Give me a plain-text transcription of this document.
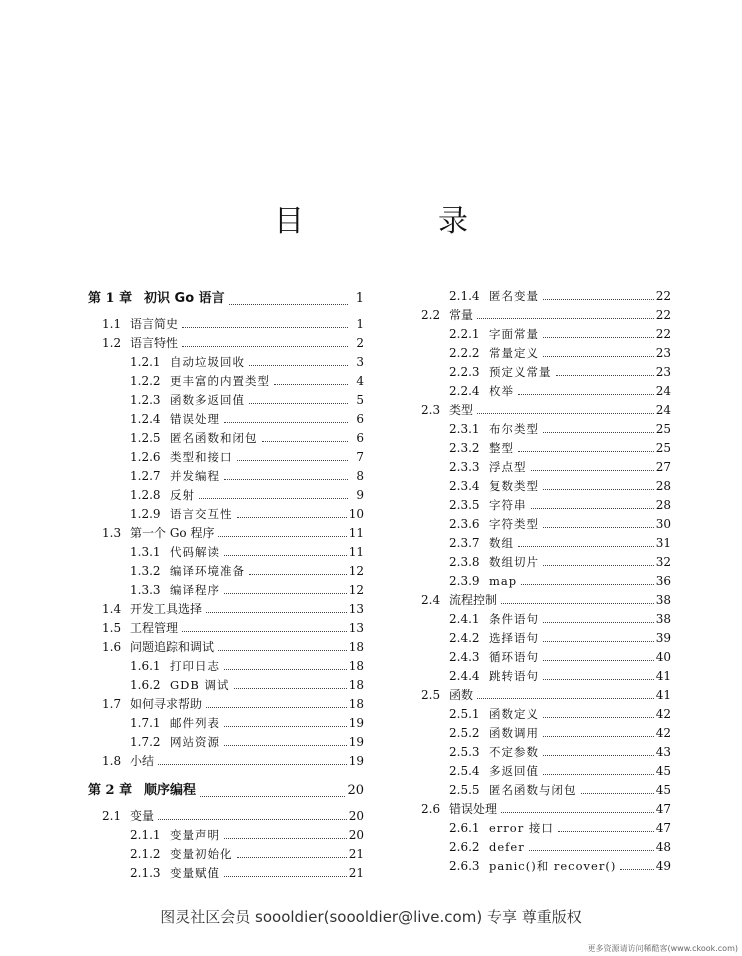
目　录
第 1 章 初识 Go 语言	1
1.1 语言简史	1
1.2 语言特性	2
1.2.1 自动垃圾回收	3
1.2.2 更丰富的内置类型	4
1.2.3 函数多返回值	5
1.2.4 错误处理	6
1.2.5 匿名函数和闭包	6
1.2.6 类型和接口	7
1.2.7 并发编程	8
1.2.8 反射	9
1.2.9 语言交互性	10
1.3 第一个 Go 程序	11
1.3.1 代码解读	11
1.3.2 编译环境准备	12
1.3.3 编译程序	12
1.4 开发工具选择	13
1.5 工程管理	13
1.6 问题追踪和调试	18
1.6.1 打印日志	18
1.6.2 GDB 调试	18
1.7 如何寻求帮助	18
1.7.1 邮件列表	19
1.7.2 网站资源	19
1.8 小结	19
第 2 章 顺序编程	20
2.1 变量	20
2.1.1 变量声明	20
2.1.2 变量初始化	21
2.1.3 变量赋值	21
2.1.4 匿名变量	22
2.2 常量	22
2.2.1 字面常量	22
2.2.2 常量定义	23
2.2.3 预定义常量	23
2.2.4 枚举	24
2.3 类型	24
2.3.1 布尔类型	25
2.3.2 整型	25
2.3.3 浮点型	27
2.3.4 复数类型	28
2.3.5 字符串	28
2.3.6 字符类型	30
2.3.7 数组	31
2.3.8 数组切片	32
2.3.9 map	36
2.4 流程控制	38
2.4.1 条件语句	38
2.4.2 选择语句	39
2.4.3 循环语句	40
2.4.4 跳转语句	41
2.5 函数	41
2.5.1 函数定义	42
2.5.2 函数调用	42
2.5.3 不定参数	43
2.5.4 多返回值	45
2.5.5 匿名函数与闭包	45
2.6 错误处理	47
2.6.1 error 接口	47
2.6.2 defer	48
2.6.3 panic()和 recover()	49
图灵社区会员 soooldier(soooldier@live.com) 专享 尊重版权
更多资源请访问稀酷客(www.ckook.com)
